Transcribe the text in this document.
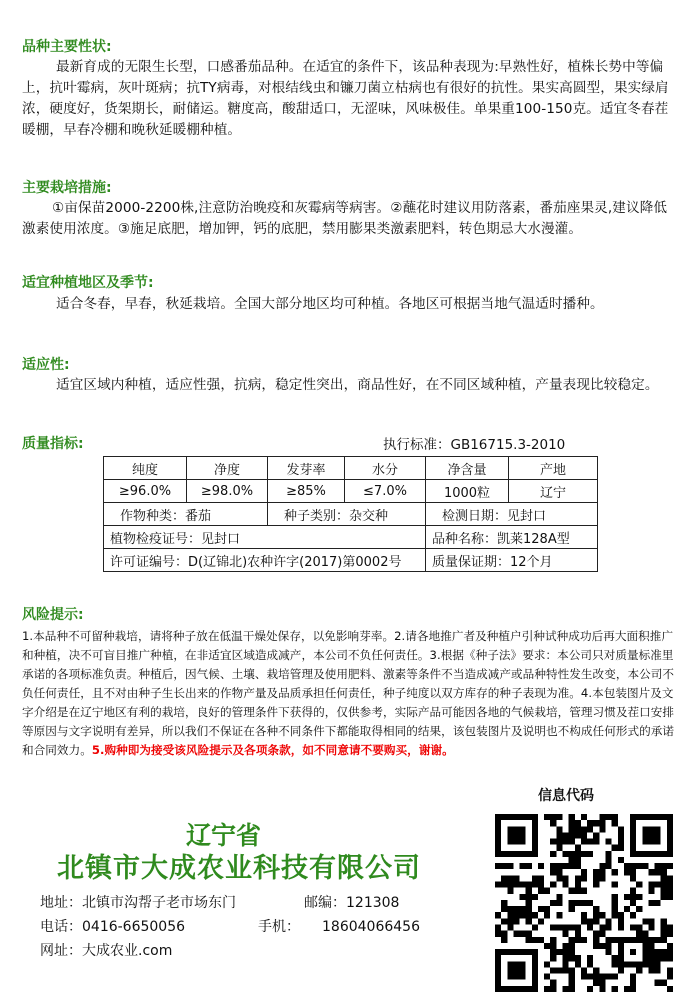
品种主要性状:
最新育成的无限生长型，口感番茄品种。在适宜的条件下，该品种表现为:早熟性好，植株长势中等偏上，抗叶霉病，灰叶斑病；抗TY病毒，对根结线虫和镰刀菌立枯病也有很好的抗性。果实高圆型，果实绿肩浓，硬度好，货架期长，耐储运。糖度高，酸甜适口，无涩味，风味极佳。单果重100-150克。适宜冬春茬暖棚，早春冷棚和晚秋延暖棚种植。
主要栽培措施:
①亩保苗2000-2200株,注意防治晚疫和灰霉病等病害。②蘸花时建议用防落素，番茄座果灵,建议降低激素使用浓度。③施足底肥，增加钾，钙的底肥，禁用膨果类激素肥料，转色期忌大水漫灌。
适宜种植地区及季节:
适合冬春，早春，秋延栽培。全国大部分地区均可种植。各地区可根据当地气温适时播种。
适应性:
适宜区域内种植，适应性强，抗病，稳定性突出，商品性好，在不同区域种植，产量表现比较稳定。
质量指标:	执行标准：GB16715.3-2010
纯度	净度	发芽率	水分	净含量	产地
≥96.0%	≥98.0%	≥85%	≤7.0%	1000粒	辽宁
作物种类：番茄		种子类别：杂交种		检测日期：见封口	
植物检疫证号：见封口				品种名称：凯莱128A型	
许可证编号：D(辽锦北)农种许字(2017)第0002号				质量保证期：12个月	
风险提示:
1.本品种不可留种栽培，请将种子放在低温干燥处保存，以免影响芽率。2.请各地推广者及种植户引种试种成功后再大面积推广和种植，决不可盲目推广种植，在非适宜区域造成减产，本公司不负任何责任。3.根据《种子法》要求：本公司只对质量标准里承诺的各项标准负责。种植后，因气候、土壤、栽培管理及使用肥料、激素等条件不当造成减产或品种特性发生改变，本公司不负任何责任，且不对由种子生长出来的作物产量及品质承担任何责任，种子纯度以双方库存的种子表现为准。4.本包装图片及文字介绍是在辽宁地区有利的栽培，良好的管理条件下获得的，仅供参考，实际产品可能因各地的气候栽培，管理习惯及茬口安排等原因与文字说明有差异，所以我们不保证在各种不同条件下都能取得相同的结果，该包装图片及说明也不构成任何形式的承诺和合同效力。5.购种即为接受该风险提示及各项条款，如不同意请不要购买，谢谢。
辽宁省
北镇市大成农业科技有限公司
地址：北镇市沟帮子老市场东门	邮编：121308
电话：0416-6650056	手机： 18604066456
网址：大成农业.com
信息代码
